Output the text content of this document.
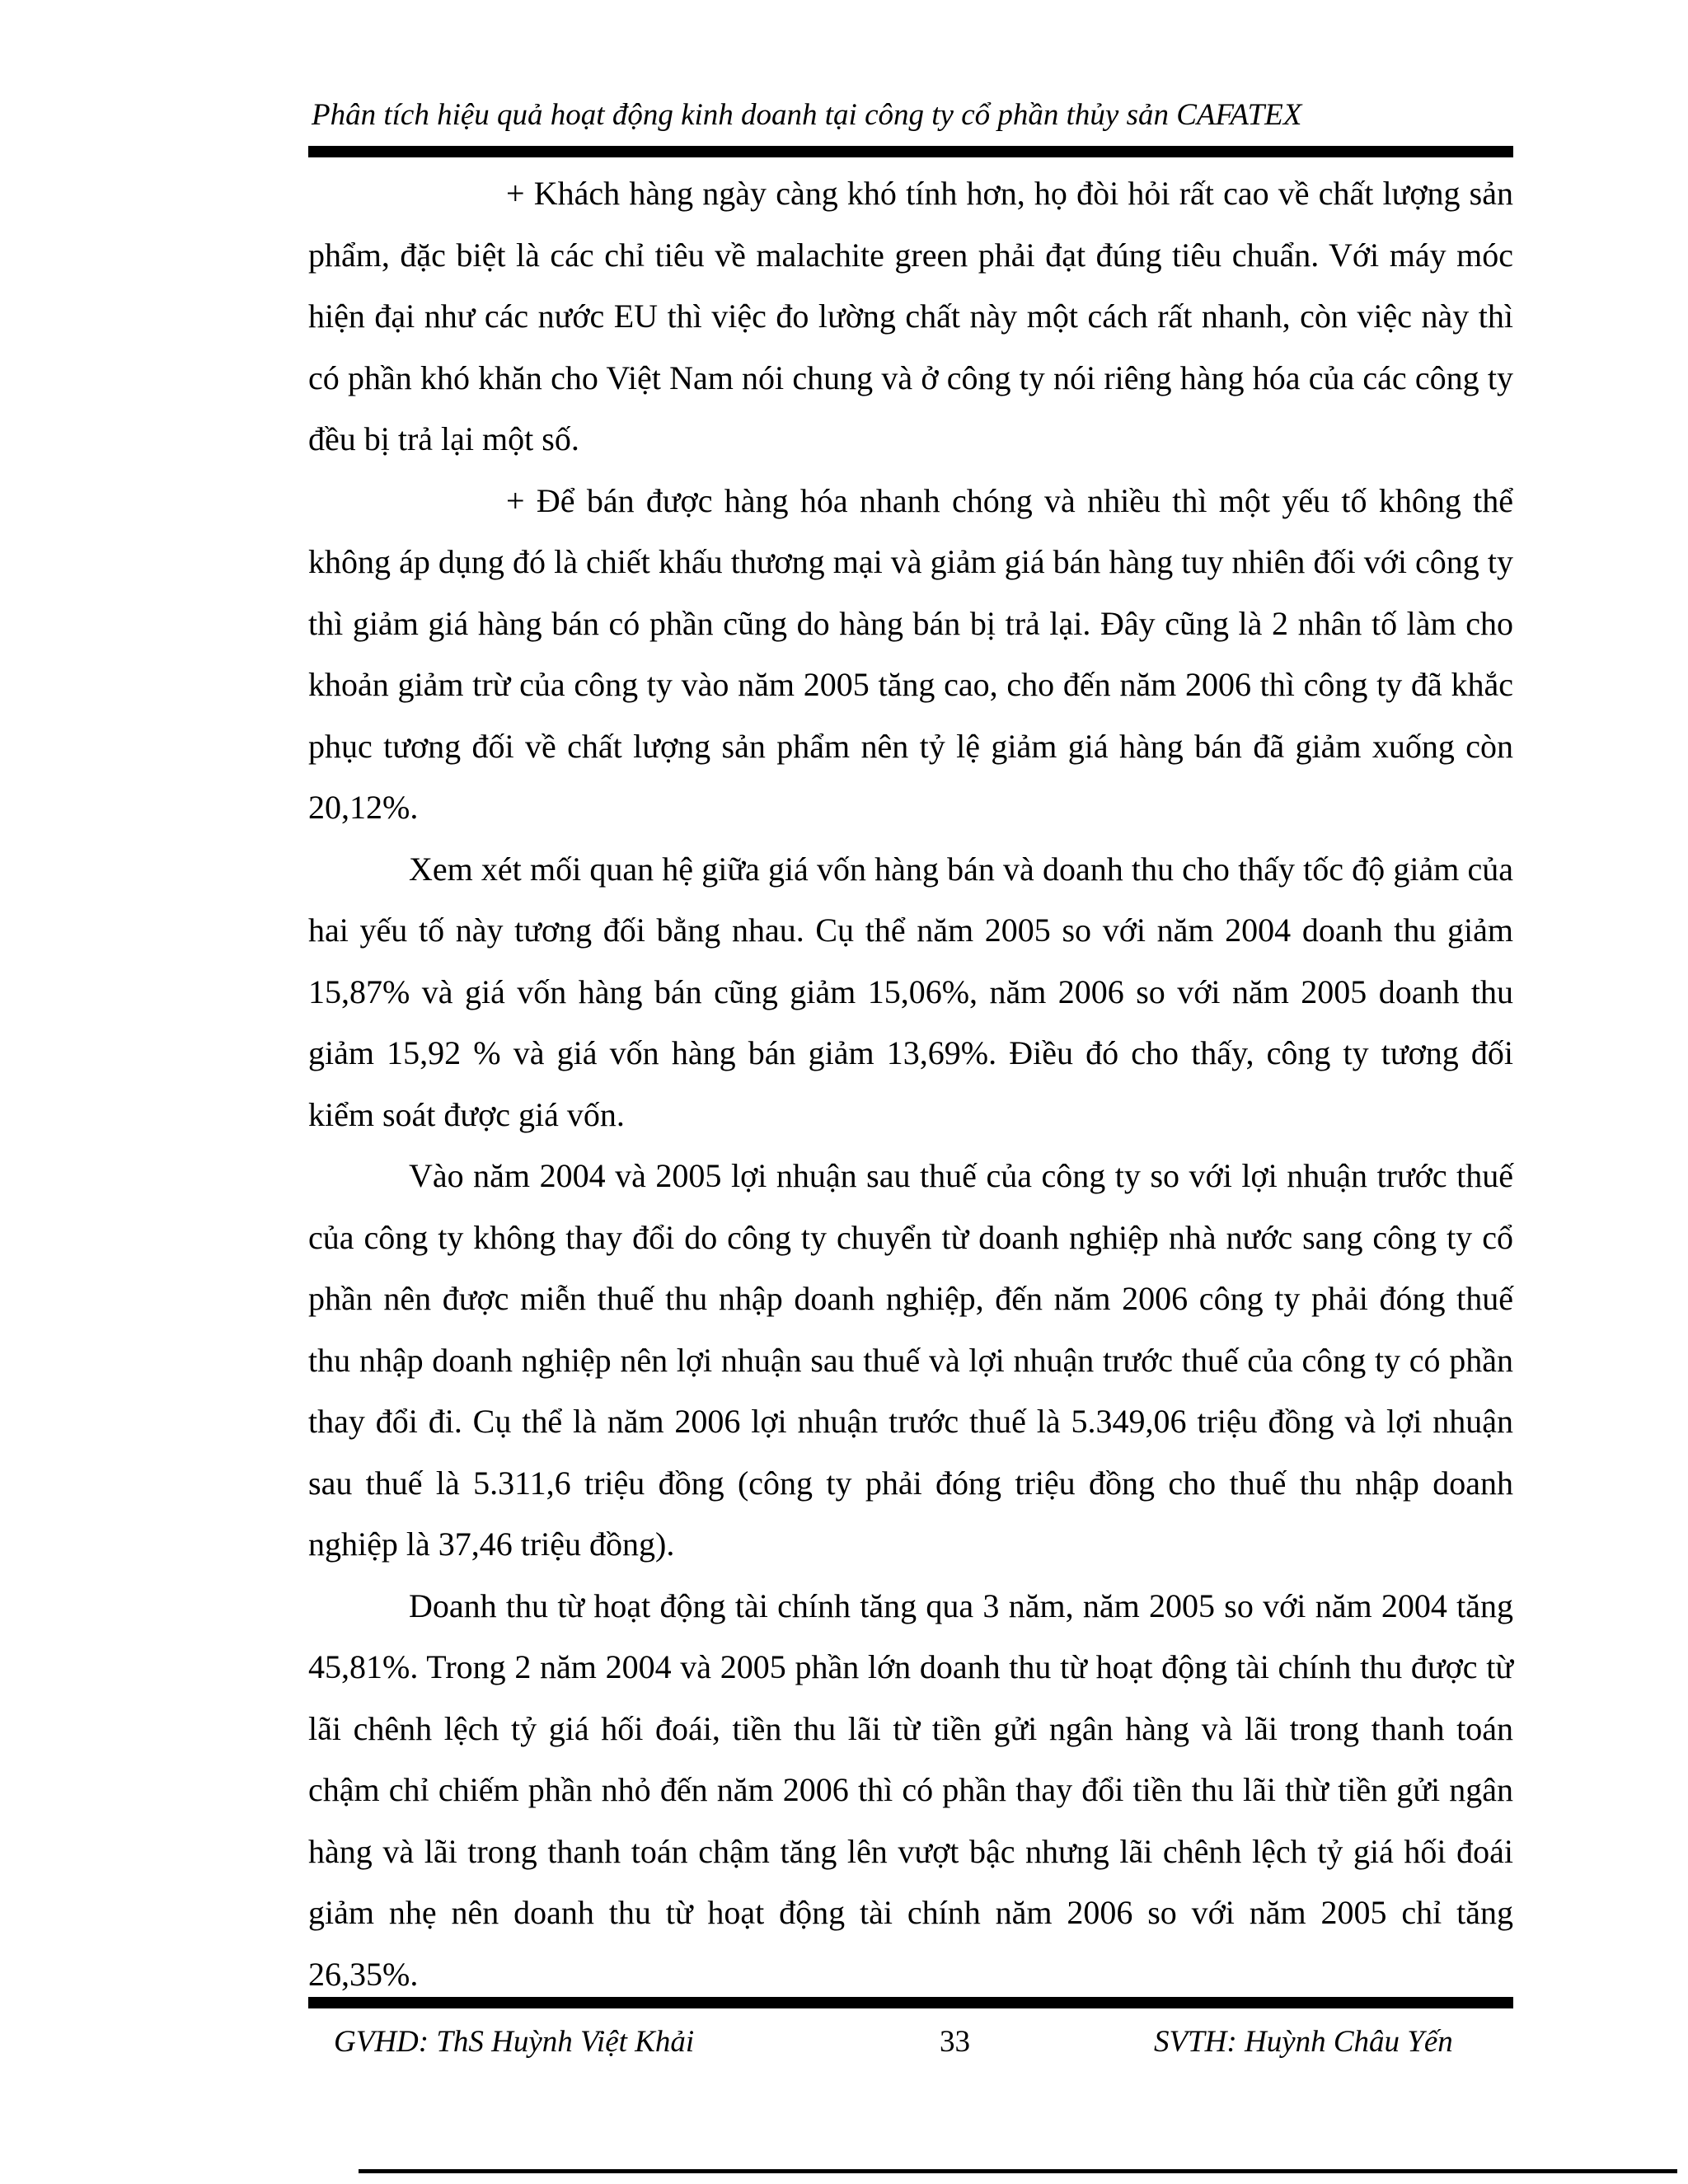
Phân tích hiệu quả hoạt động kinh doanh tại công ty cổ phần thủy sản CAFATEX

+ Khách hàng ngày càng khó tính hơn, họ đòi hỏi rất cao về chất lượng sản phẩm, đặc biệt là các chỉ tiêu về malachite green phải đạt đúng tiêu chuẩn. Với máy móc hiện đại như các nước EU thì việc đo lường chất này một cách rất nhanh, còn việc này thì có phần khó khăn cho Việt Nam nói chung và ở công ty nói riêng hàng hóa của các công ty đều bị trả lại một số.

+ Để bán được hàng hóa nhanh chóng và nhiều thì một yếu tố không thể không áp dụng đó là chiết khấu thương mại và giảm giá bán hàng tuy nhiên đối với công ty thì giảm giá hàng bán có phần cũng do hàng bán bị trả lại. Đây cũng là 2 nhân tố làm cho khoản giảm trừ của công ty vào năm 2005 tăng cao, cho đến năm 2006 thì công ty đã khắc phục tương đối về chất lượng sản phẩm nên tỷ lệ giảm giá hàng bán đã giảm xuống còn 20,12%.

Xem xét mối quan hệ giữa giá vốn hàng bán và doanh thu cho thấy tốc độ giảm của hai yếu tố này tương đối bằng nhau. Cụ thể năm 2005 so với năm 2004 doanh thu giảm 15,87% và giá vốn hàng bán cũng giảm 15,06%, năm 2006 so với năm 2005 doanh thu giảm 15,92 % và giá vốn hàng bán giảm 13,69%. Điều đó cho thấy, công ty tương đối kiểm soát được giá vốn.

Vào năm 2004 và 2005 lợi nhuận sau thuế của công ty so với lợi nhuận trước thuế của công ty không thay đổi do công ty chuyển từ doanh nghiệp nhà nước sang công ty cổ phần nên được miễn thuế thu nhập doanh nghiệp, đến năm 2006 công ty phải đóng thuế thu nhập doanh nghiệp nên lợi nhuận sau thuế và lợi nhuận trước thuế của công ty có phần thay đổi đi. Cụ thể là năm 2006 lợi nhuận trước thuế là 5.349,06 triệu đồng và lợi nhuận sau thuế là 5.311,6 triệu đồng (công ty phải đóng triệu đồng cho thuế thu nhập doanh nghiệp là 37,46 triệu đồng).

Doanh thu từ hoạt động tài chính tăng qua 3 năm, năm 2005 so với năm 2004 tăng 45,81%. Trong 2 năm 2004 và 2005 phần lớn doanh thu từ hoạt động tài chính thu được từ lãi chênh lệch tỷ giá hối đoái, tiền thu lãi từ tiền gửi ngân hàng và lãi trong thanh toán chậm chỉ chiếm phần nhỏ đến năm 2006 thì có phần thay đổi tiền thu lãi thừ tiền gửi ngân hàng và lãi trong thanh toán chậm tăng lên vượt bậc nhưng lãi chênh lệch tỷ giá hối đoái giảm nhẹ nên doanh thu từ hoạt động tài chính năm 2006 so với năm 2005 chỉ tăng 26,35%.

GVHD: ThS Huỳnh Việt Khải	33	SVTH: Huỳnh Châu Yến
